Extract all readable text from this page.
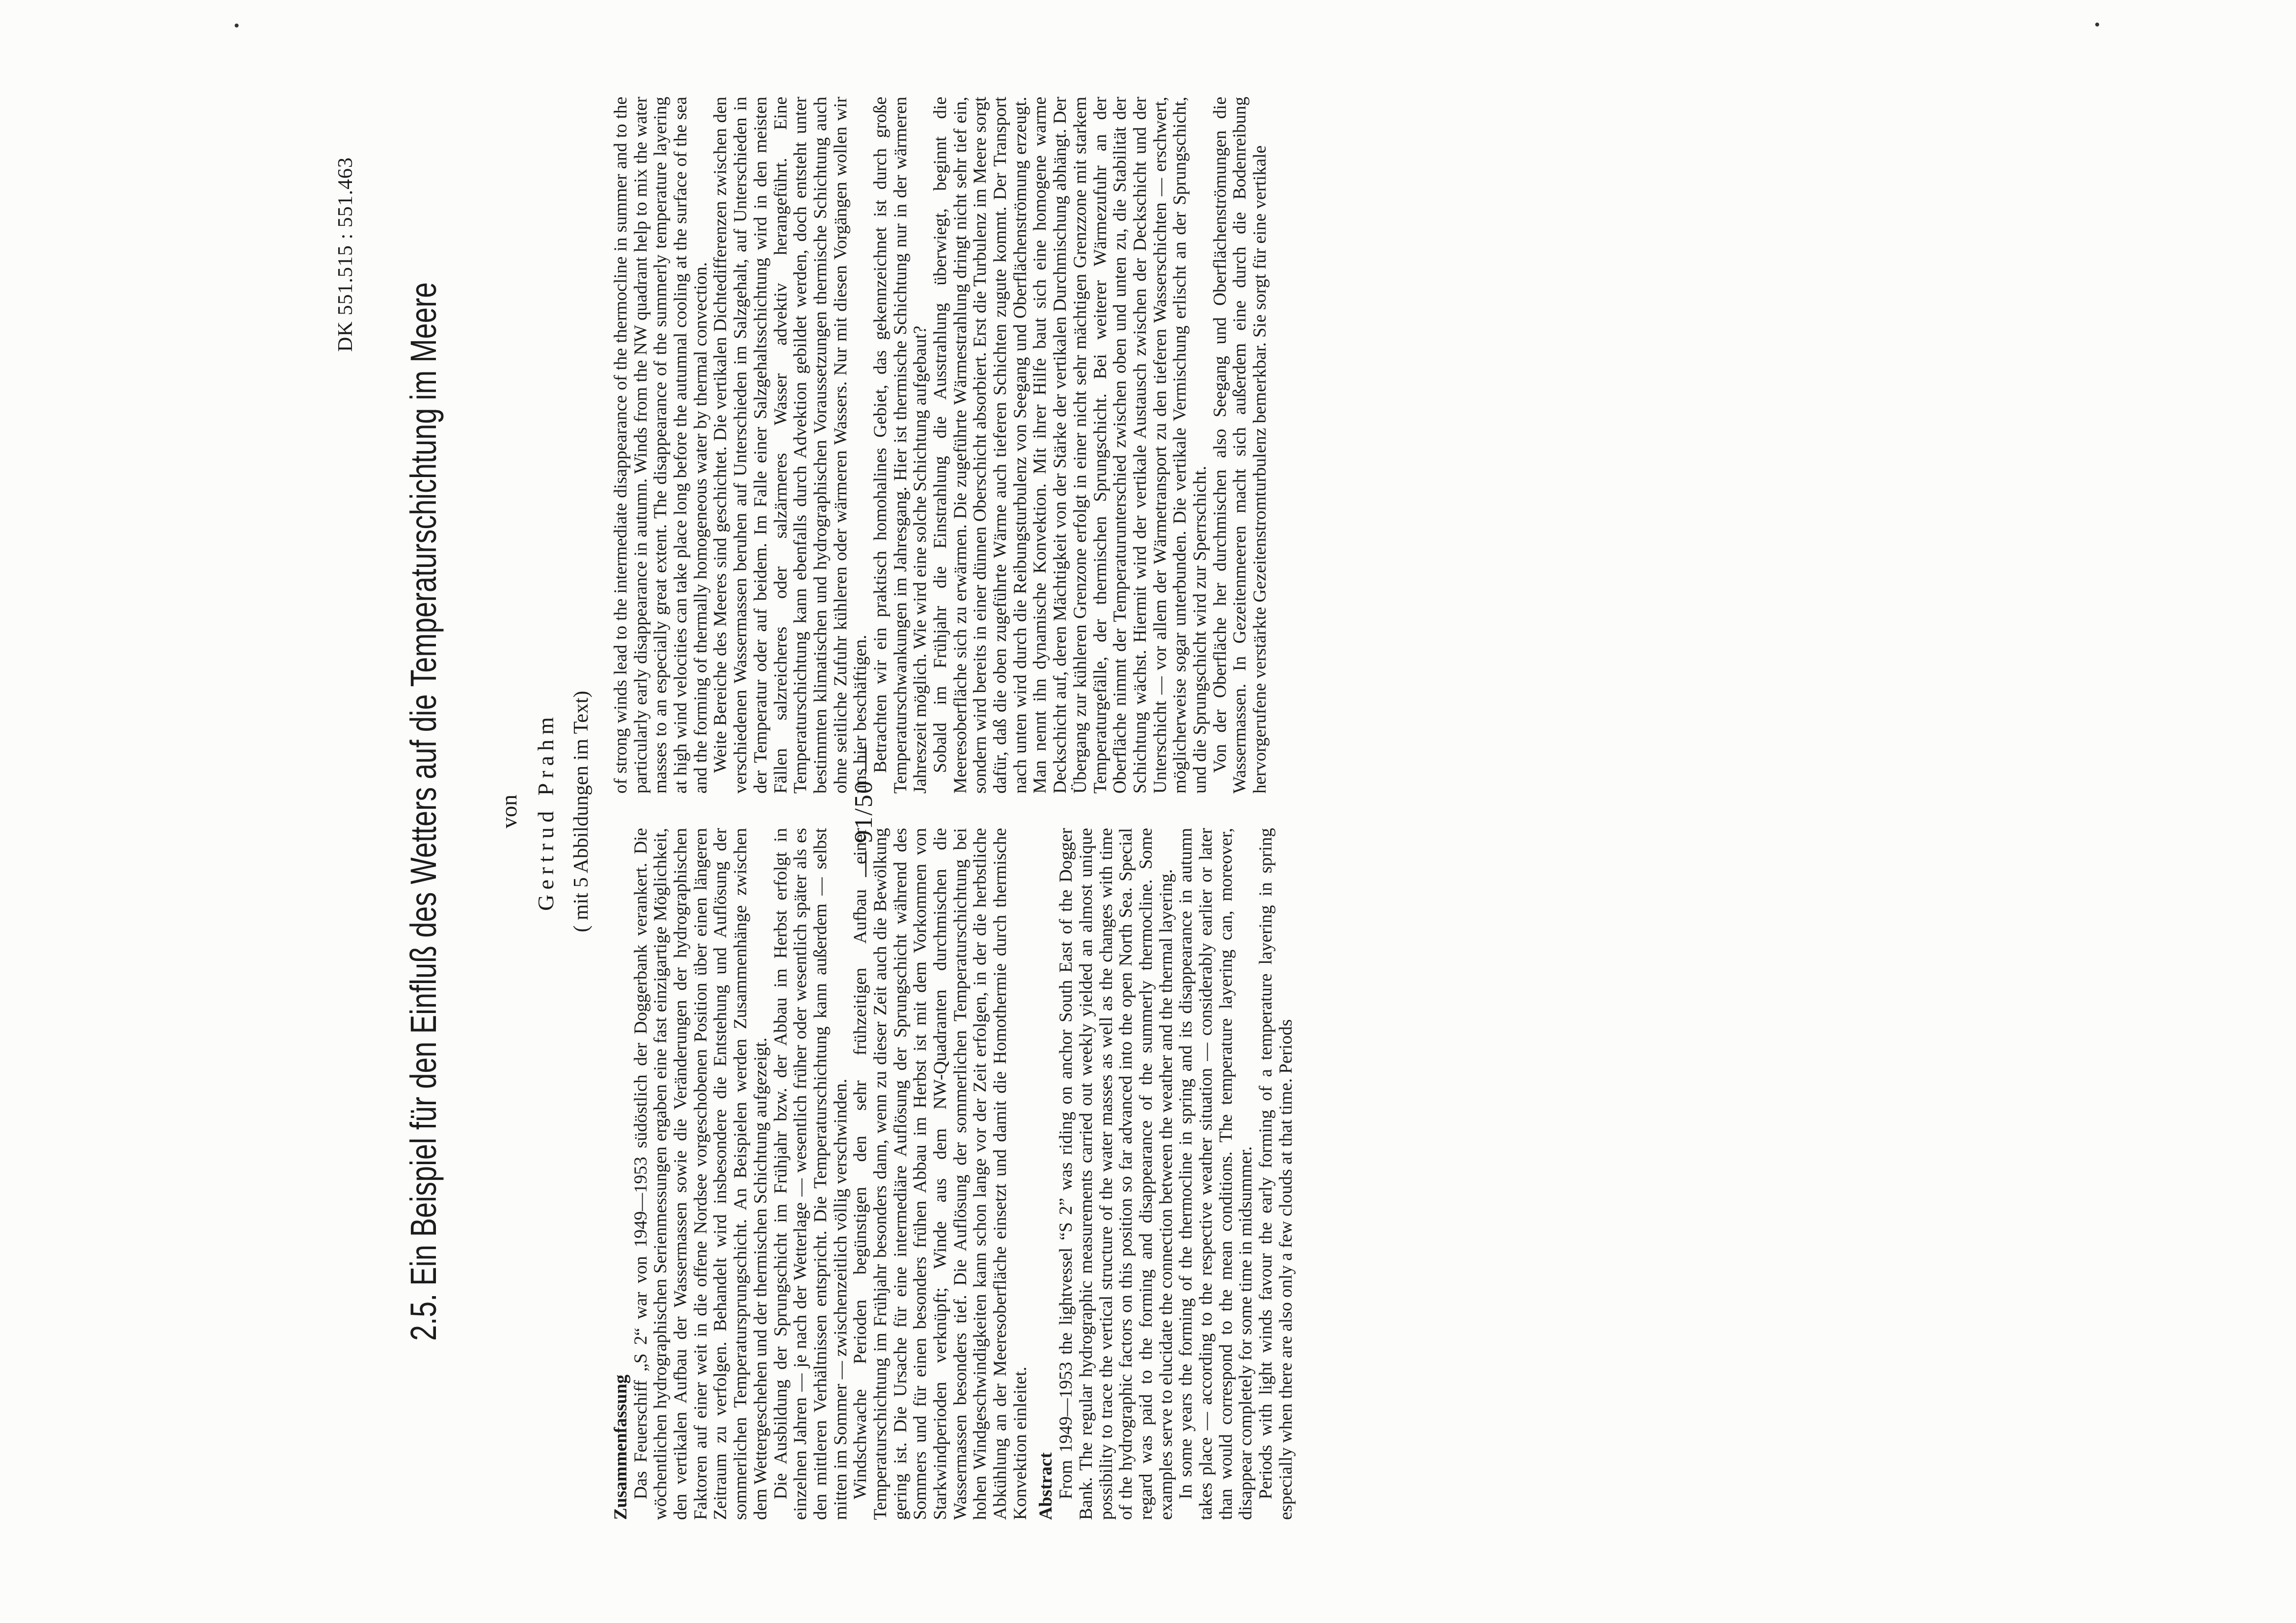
— 91/50 —
DK 551.515 : 551.463
2.5. Ein Beispiel für den Einfluß des Wetters auf die Temperaturschichtung im Meere von Gertrud Prahm ( mit 5 Abbildungen im Text)
Zusammenfassung Das Feuerschiff „S 2“ war von 1949—1953 südöstlich der Doggerbank verankert. Die wöchentlichen hydrographischen Serienmessungen ergaben eine fast einzigartige Möglichkeit, den vertikalen Aufbau der Wassermassen sowie die Veränderungen der hydrographischen Faktoren auf einer weit in die offene Nordsee vorgeschobenen Position über einen längeren Zeitraum zu verfolgen. Behandelt wird insbesondere die Entstehung und Auflösung der sommerlichen Temperatursprungschicht. An Beispielen werden Zusammenhänge zwischen dem Wettergeschehen und der thermischen Schichtung aufgezeigt. Die Ausbildung der Sprungschicht im Frühjahr bzw. der Abbau im Herbst erfolgt in einzelnen Jahren — je nach der Wetterlage — wesentlich früher oder wesentlich später als es den mittleren Verhältnissen entspricht. Die Temperaturschichtung kann außerdem — selbst mitten im Sommer — zwischenzeitlich völlig verschwinden. Windschwache Perioden begünstigen den sehr frühzeitigen Aufbau einer Temperaturschichtung im Frühjahr besonders dann, wenn zu dieser Zeit auch die Bewölkung gering ist. Die Ursache für eine intermediäre Auflösung der Sprungschicht während des Sommers und für einen besonders frühen Abbau im Herbst ist mit dem Vorkommen von Starkwindperioden verknüpft; Winde aus dem NW-Quadranten durchmischen die Wassermassen besonders tief. Die Auflösung der sommerlichen Temperaturschichtung bei hohen Windgeschwindigkeiten kann schon lange vor der Zeit erfolgen, in der die herbstliche Abkühlung an der Meeresoberfläche einsetzt und damit die Homothermie durch thermische Konvektion einleitet. Abstract From 1949—1953 the lightvessel “S 2” was riding on anchor South East of the Dogger Bank. The regular hydrographic measurements carried out weekly yielded an almost unique possibility to trace the vertical structure of the water masses as well as the changes with time of the hydrographic factors on this position so far advanced into the open North Sea. Special regard was paid to the forming and disappearance of the summerly thermocline. Some examples serve to elucidate the connection between the weather and the thermal layering. In some years the forming of the thermocline in spring and its disappearance in autumn takes place — according to the respective weather situation — considerably earlier or later than would correspond to the mean conditions. The temperature layering can, moreover, disappear completely for some time in midsummer. Periods with light winds favour the early forming of a temperature layering in spring especially when there are also only a few clouds at that time. Periods

of strong winds lead to the intermediate disappearance of the thermocline in summer and to the particularly early disappearance in autumn. Winds from the NW quadrant help to mix the water masses to an especially great extent. The disappearance of the summerly temperature layering at high wind velocities can take place long before the autumnal cooling at the surface of the sea and the forming of thermally homogeneous water by thermal convection. Weite Bereiche des Meeres sind geschichtet. Die vertikalen Dichtedifferenzen zwischen den verschiedenen Wassermassen beruhen auf Unterschieden im Salzgehalt, auf Unterschieden in der Temperatur oder auf beidem. Im Falle einer Salzgehaltsschichtung wird in den meisten Fällen salzreicheres oder salzärmeres Wasser advektiv herangeführt. Eine Temperaturschichtung kann ebenfalls durch Advektion gebildet werden, doch entsteht unter bestimmten klimatischen und hydrographischen Voraussetzungen thermische Schichtung auch ohne seitliche Zufuhr kühleren oder wärmeren Wassers. Nur mit diesen Vorgängen wollen wir uns hier beschäftigen. Betrachten wir ein praktisch homohalines Gebiet, das gekennzeichnet ist durch große Temperaturschwankungen im Jahresgang. Hier ist thermische Schichtung nur in der wärmeren Jahreszeit möglich. Wie wird eine solche Schichtung aufgebaut? Sobald im Frühjahr die Einstrahlung die Ausstrahlung überwiegt, beginnt die Meeresoberfläche sich zu erwärmen. Die zugeführte Wärmestrahlung dringt nicht sehr tief ein, sondern wird bereits in einer dünnen Oberschicht absorbiert. Erst die Turbulenz im Meere sorgt dafür, daß die oben zugeführte Wärme auch tieferen Schichten zugute kommt. Der Transport nach unten wird durch die Reibungsturbulenz von Seegang und Oberflächenströmung erzeugt. Man nennt ihn dynamische Konvektion. Mit ihrer Hilfe baut sich eine homogene warme Deckschicht auf, deren Mächtigkeit von der Stärke der vertikalen Durchmischung abhängt. Der Übergang zur kühleren Grenzone erfolgt in einer nicht sehr mächtigen Grenzzone mit starkem Temperaturgefälle, der thermischen Sprungschicht. Bei weiterer Wärmezufuhr an der Oberfläche nimmt der Temperaturunterschied zwischen oben und unten zu, die Stabilität der Schichtung wächst. Hiermit wird der vertikale Austausch zwischen der Deckschicht und der Unterschicht — vor allem der Wärmetransport zu den tieferen Wasserschichten — erschwert, möglicherweise sogar unterbunden. Die vertikale Vermischung erlischt an der Sprungschicht, und die Sprungschicht wird zur Sperrschicht. Von der Oberfläche her durchmischen also Seegang und Oberflächenströmungen die Wassermassen. In Gezeitenmeeren macht sich außerdem eine durch die Bodenreibung hervorgerufene verstärkte Gezeitenstromturbulenz bemerkbar. Sie sorgt für eine vertikale
